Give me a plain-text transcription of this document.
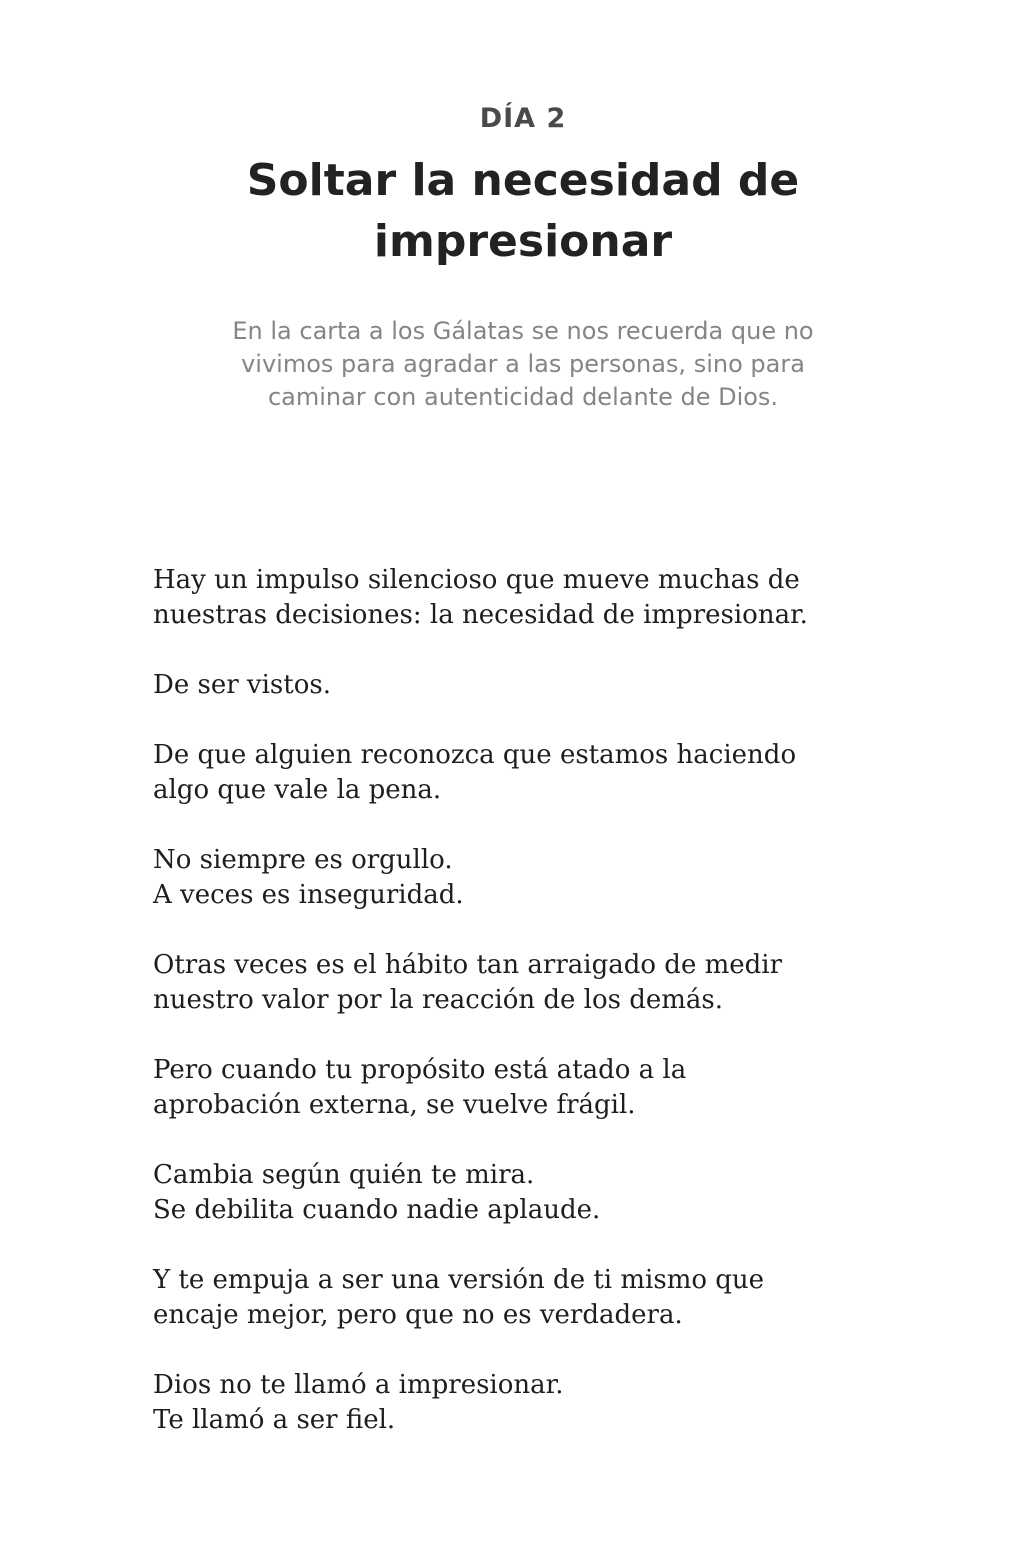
DÍA 2
Soltar la necesidad de
impresionar

En la carta a los Gálatas se nos recuerda que no
vivimos para agradar a las personas, sino para
caminar con autenticidad delante de Dios.

Hay un impulso silencioso que mueve muchas de
nuestras decisiones: la necesidad de impresionar.

De ser vistos.

De que alguien reconozca que estamos haciendo
algo que vale la pena.

No siempre es orgullo.
A veces es inseguridad.

Otras veces es el hábito tan arraigado de medir
nuestro valor por la reacción de los demás.

Pero cuando tu propósito está atado a la
aprobación externa, se vuelve frágil.

Cambia según quién te mira.
Se debilita cuando nadie aplaude.

Y te empuja a ser una versión de ti mismo que
encaje mejor, pero que no es verdadera.

Dios no te llamó a impresionar.
Te llamó a ser fiel.
